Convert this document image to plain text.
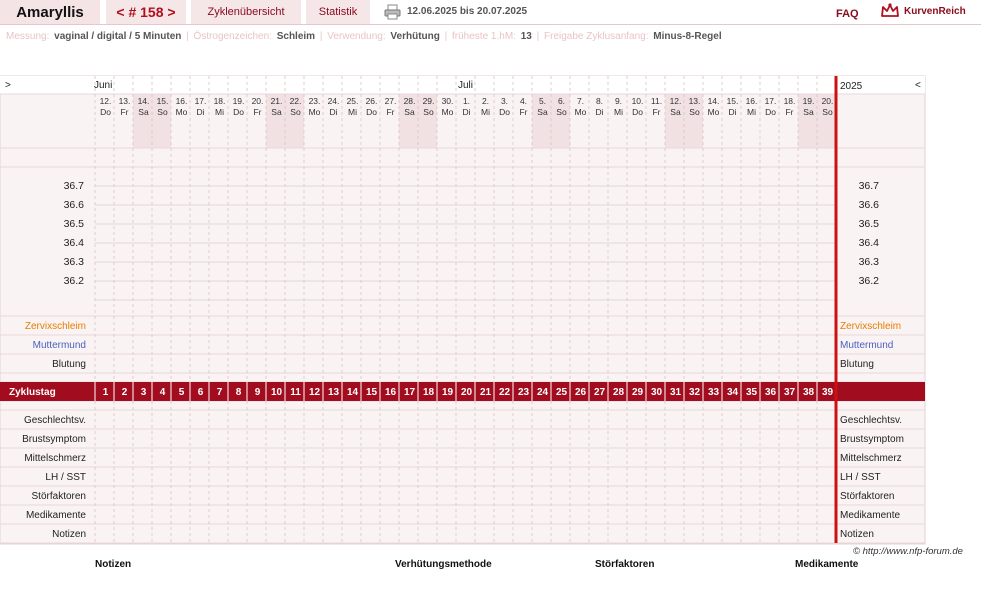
Amaryllis < # 158 >	Zyklenübersicht	Statistik	12.06.2025 bis 20.07.2025	FAQ	KurvenReich
Messung: vaginal / digital / 5 Minuten | Östrogenzeichen: Schleim | Verwendung: Verhütung | früheste 1.hM: 13 | Freigabe Zyklusanfang: Minus-8-Regel
>	<
Juni	Juli	2025
12.
Do
13.
Fr
14.
Sa
15.
So
16.
Mo
17.
Di
18.
Mi
19.
Do
20.
Fr
21.
Sa
22.
So
23.
Mo
24.
Di
25.
Mi
26.
Do
27.
Fr
28.
Sa
29.
So
30.
Mo
1.
Di
2.
Mi
3.
Do
4.
Fr
5.
Sa
6.
So
7.
Mo
8.
Di
9.
Mi
10.
Do
11.
Fr
12.
Sa
13.
So
14.
Mo
15.
Di
16.
Mi
17.
Do
18.
Fr
19.
Sa
20.
So
36.7	36.7
36.6	36.6
36.5	36.5
36.4	36.4
36.3	36.3
36.2	36.2
Zervixschleim	Zervixschleim
Muttermund	Muttermund
Blutung	Blutung
Zyklustag	1 2 3 4 5 6 7 8 9 10 11 12 13 14 15 16 17 18 19 20 21 22 23 24 25 26 27 28 29 30 31 32 33 34 35 36 37 38 39
Geschlechtsv.	Geschlechtsv.
Brustsymptom	Brustsymptom
Mittelschmerz	Mittelschmerz
LH / SST	LH / SST
Störfaktoren	Störfaktoren
Medikamente	Medikamente
Notizen	Notizen
© http://www.nfp-forum.de
Notizen	Verhütungsmethode	Störfaktoren	Medikamente
